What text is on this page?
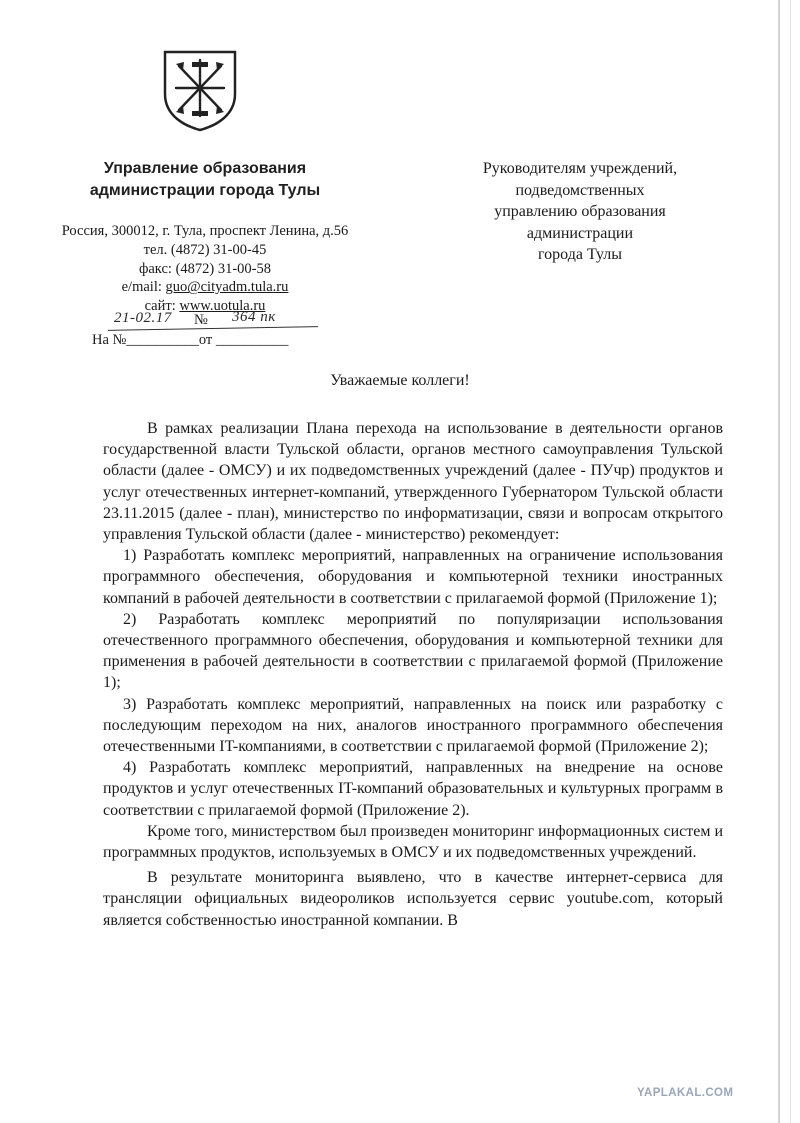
Управление образования
администрации города Тулы
Россия, 300012, г. Тула, проспект Ленина, д.56
тел. (4872) 31-00-45
факс: (4872) 31-00-58
e/mail: guo@cityadm.tula.ru
сайт: www.uotula.ru
21-02.17 № 364 пк
На №__________от __________
Руководителям учреждений,
подведомственных
управлению образования
администрации
города Тулы
Уважаемые коллеги!

В рамках реализации Плана перехода на использование в деятельности органов государственной власти Тульской области, органов местного самоуправления Тульской области (далее - ОМСУ) и их подведомственных учреждений (далее - ПУчр) продуктов и услуг отечественных интернет-компаний, утвержденного Губернатором Тульской области 23.11.2015 (далее - план), министерство по информатизации, связи и вопросам открытого управления Тульской области (далее - министерство) рекомендует:

1) Разработать комплекс мероприятий, направленных на ограничение использования программного обеспечения, оборудования и компьютерной техники иностранных компаний в рабочей деятельности в соответствии с прилагаемой формой (Приложение 1);

2) Разработать комплекс мероприятий по популяризации использования отечественного программного обеспечения, оборудования и компьютерной техники для применения в рабочей деятельности в соответствии с прилагаемой формой (Приложение 1);

3) Разработать комплекс мероприятий, направленных на поиск или разработку с последующим переходом на них, аналогов иностранного программного обеспечения отечественными IT-компаниями, в соответствии с прилагаемой формой (Приложение 2);

4) Разработать комплекс мероприятий, направленных на внедрение на основе продуктов и услуг отечественных IT-компаний образовательных и культурных программ в соответствии с прилагаемой формой (Приложение 2).

Кроме того, министерством был произведен мониторинг информационных систем и программных продуктов, используемых в ОМСУ и их подведомственных учреждений.

В результате мониторинга выявлено, что в качестве интернет-сервиса для трансляции официальных видеороликов используется сервис youtube.com, который является собственностью иностранной компании. В

YAPLAKAL.COM
